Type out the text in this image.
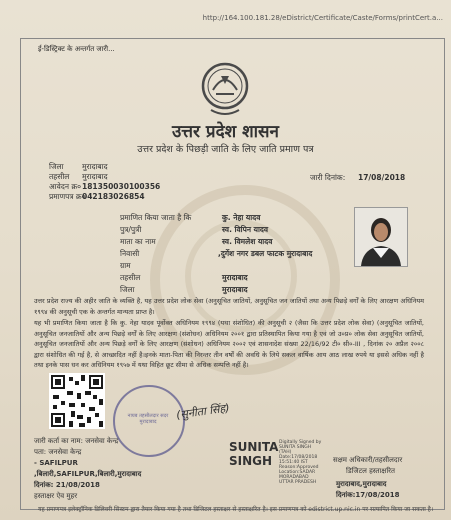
http://164.100.181.28/eDistrict/Certificate/Caste/Forms/printCert.a...
ई-डिस्ट्रिक्ट के अन्तर्गत जारी...
उत्तर प्रदेश शासन
उत्तर प्रदेश के पिछड़ी जाति के लिए जाति प्रमाण पत्र
जिला मुरादाबाद
तहसील मुरादाबाद
आवेदन क्र० 181350030100356
प्रमाणपत्र क्र०
042183026854
जारी दिनांक: 17/08/2018
प्रमाणित किया जाता है कि	कु. नेहा यादव
पुत्र/पुत्री	स्व. विपिन यादव
माता का नाम	स्व. विमलेश यादव
निवासी	,दुर्गेश नगर डबल फाटक मुरादाबाद
ग्राम
तहसील	मुरादाबाद
जिला	मुरादाबाद
उत्तर प्रदेश राज्य की अहीर जाति के व्यक्ति है, यह उत्तर प्रदेश लोक सेवा (अनुसूचित जातियों, अनुसूचित जन जातियों तथा अन्य पिछड़े वर्गों के लिए आरक्षण अधिनियम १९९४ की अनुसूची एक के अन्तर्गत मान्यता प्राप्त है।
यह भी प्रमाणित किया जाता है कि कु. नेहा यादव पूर्वोक्त अधिनियम १९९४ (यथा संशोधित) की अनुसूची २ (जैसा कि उत्तर प्रदेश लोक सेवा) (अनुसूचित जातियों, अनुसूचित जनजातियों और अन्य पिछड़े वर्गों के लिए आरक्षण (संशोधन) अधिनियम २००१ द्वारा प्रतिस्थापित किया गया है एवं जो उ०प्र० लोक सेवा अनुसूचित जातियों, अनुसूचित जनजातियों और अन्य पिछड़े वर्गों के लिए आरक्षण (संशोधन) अधिनियम २००२ एवं शासनादेश संख्या 22/16/92 टी० सी०-III , दिनांक २० अप्रैल २००८ द्वारा संशोधित की गई है, से आच्छादित नहीं है।इनके माता-पिता की निरन्तर तीन वर्षों की अवधि के लिये सकल वार्षिक आय आठ लाख रुपये या इससे अधिक नहीं है तथा इनके पास धन कर अधिनियम १९५७ में यथा विहित छूट सीमा से अधिक सम्पत्ति नहीं है।
नायब तहसीलदार सदर मुरादाबाद
(सुनीता सिंह)
जारी कर्ता का नाम: जनसेवा केन्द्र
पता: जनसेवा केन्द्र
- SAFILPUR
,बिलारी,SAFILPUR,बिलारी,मुरादाबाद
दिनांक: 21/08/2018
हस्ताक्षर ऐव मुहर
SUNITA
SINGH
Digitally Signed by SUNITA SINGH (TAH) Date:17/08/2018 15:51:40 IST Reason:Approved Location:SADAR MORADABAD UTTAR PRADESH
सक्षम अधिकारी/तहसीलदार
डिजिटल हस्ताक्षरित
मुरादाबाद,मुरादाबाद
दिनांक:17/08/2018
यह प्रमाणपत्र इलेक्ट्रॉनिक डिलिवरी सिस्टम द्वारा तैयार किया गया है तथा डिजिटल हस्ताक्षर से हस्ताक्षरित है। इस प्रमाणपत्र को edistrict.up.nic.in पर सत्यापित किया जा सकता है।
